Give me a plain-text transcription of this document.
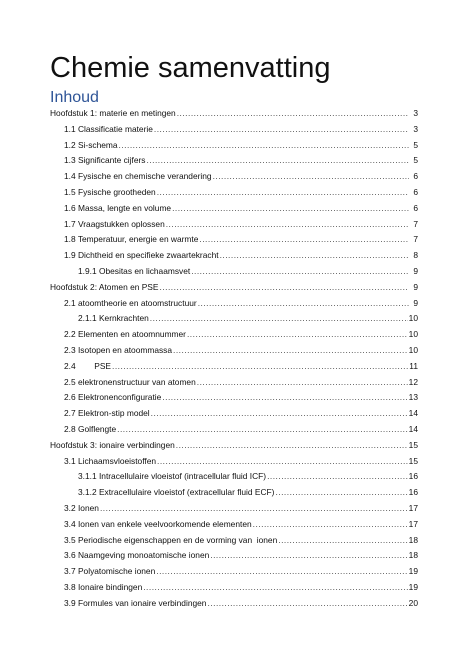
Chemie samenvatting
Inhoud
Hoofdstuk 1: materie en metingen .....	3
1.1 Classificatie materie .....	3
1.2 Si-schema .....	5
1.3 Significante cijfers .....	5
1.4 Fysische en chemische verandering .....	6
1.5 Fysische grootheden .....	6
1.6 Massa, lengte en volume .....	6
1.7 Vraagstukken oplossen .....	7
1.8 Temperatuur, energie en warmte .....	7
1.9 Dichtheid en specifieke zwaartekracht .....	8
1.9.1 Obesitas en lichaamsvet .....	9
Hoofdstuk 2: Atomen en PSE .....	9
2.1 atoomtheorie en atoomstructuur .....	9
2.1.1 Kernkrachten .....	10
2.2 Elementen en atoomnummer .....	10
2.3 Isotopen en atoommassa .....	10
2.4        PSE .....	11
2.5 elektronenstructuur van atomen .....	12
2.6 Elektronenconfiguratie .....	13
2.7 Elektron-stip model .....	14
2.8 Golflengte .....	14
Hoofdstuk 3: ionaire verbindingen .....	15
3.1 Lichaamsvloeistoffen .....	15
3.1.1 Intracellulaire vloeistof (intracellular fluid ICF) .....	16
3.1.2 Extracellulaire vloeistof (extracellular fluid ECF) .....	16
3.2 Ionen .....	17
3.4 Ionen van enkele veelvoorkomende elementen .....	17
3.5 Periodische eigenschappen en de vorming van  ionen .....	18
3.6 Naamgeving monoatomische ionen .....	18
3.7 Polyatomische ionen .....	19
3.8 Ionaire bindingen .....	19
3.9 Formules van ionaire verbindingen .....	20
